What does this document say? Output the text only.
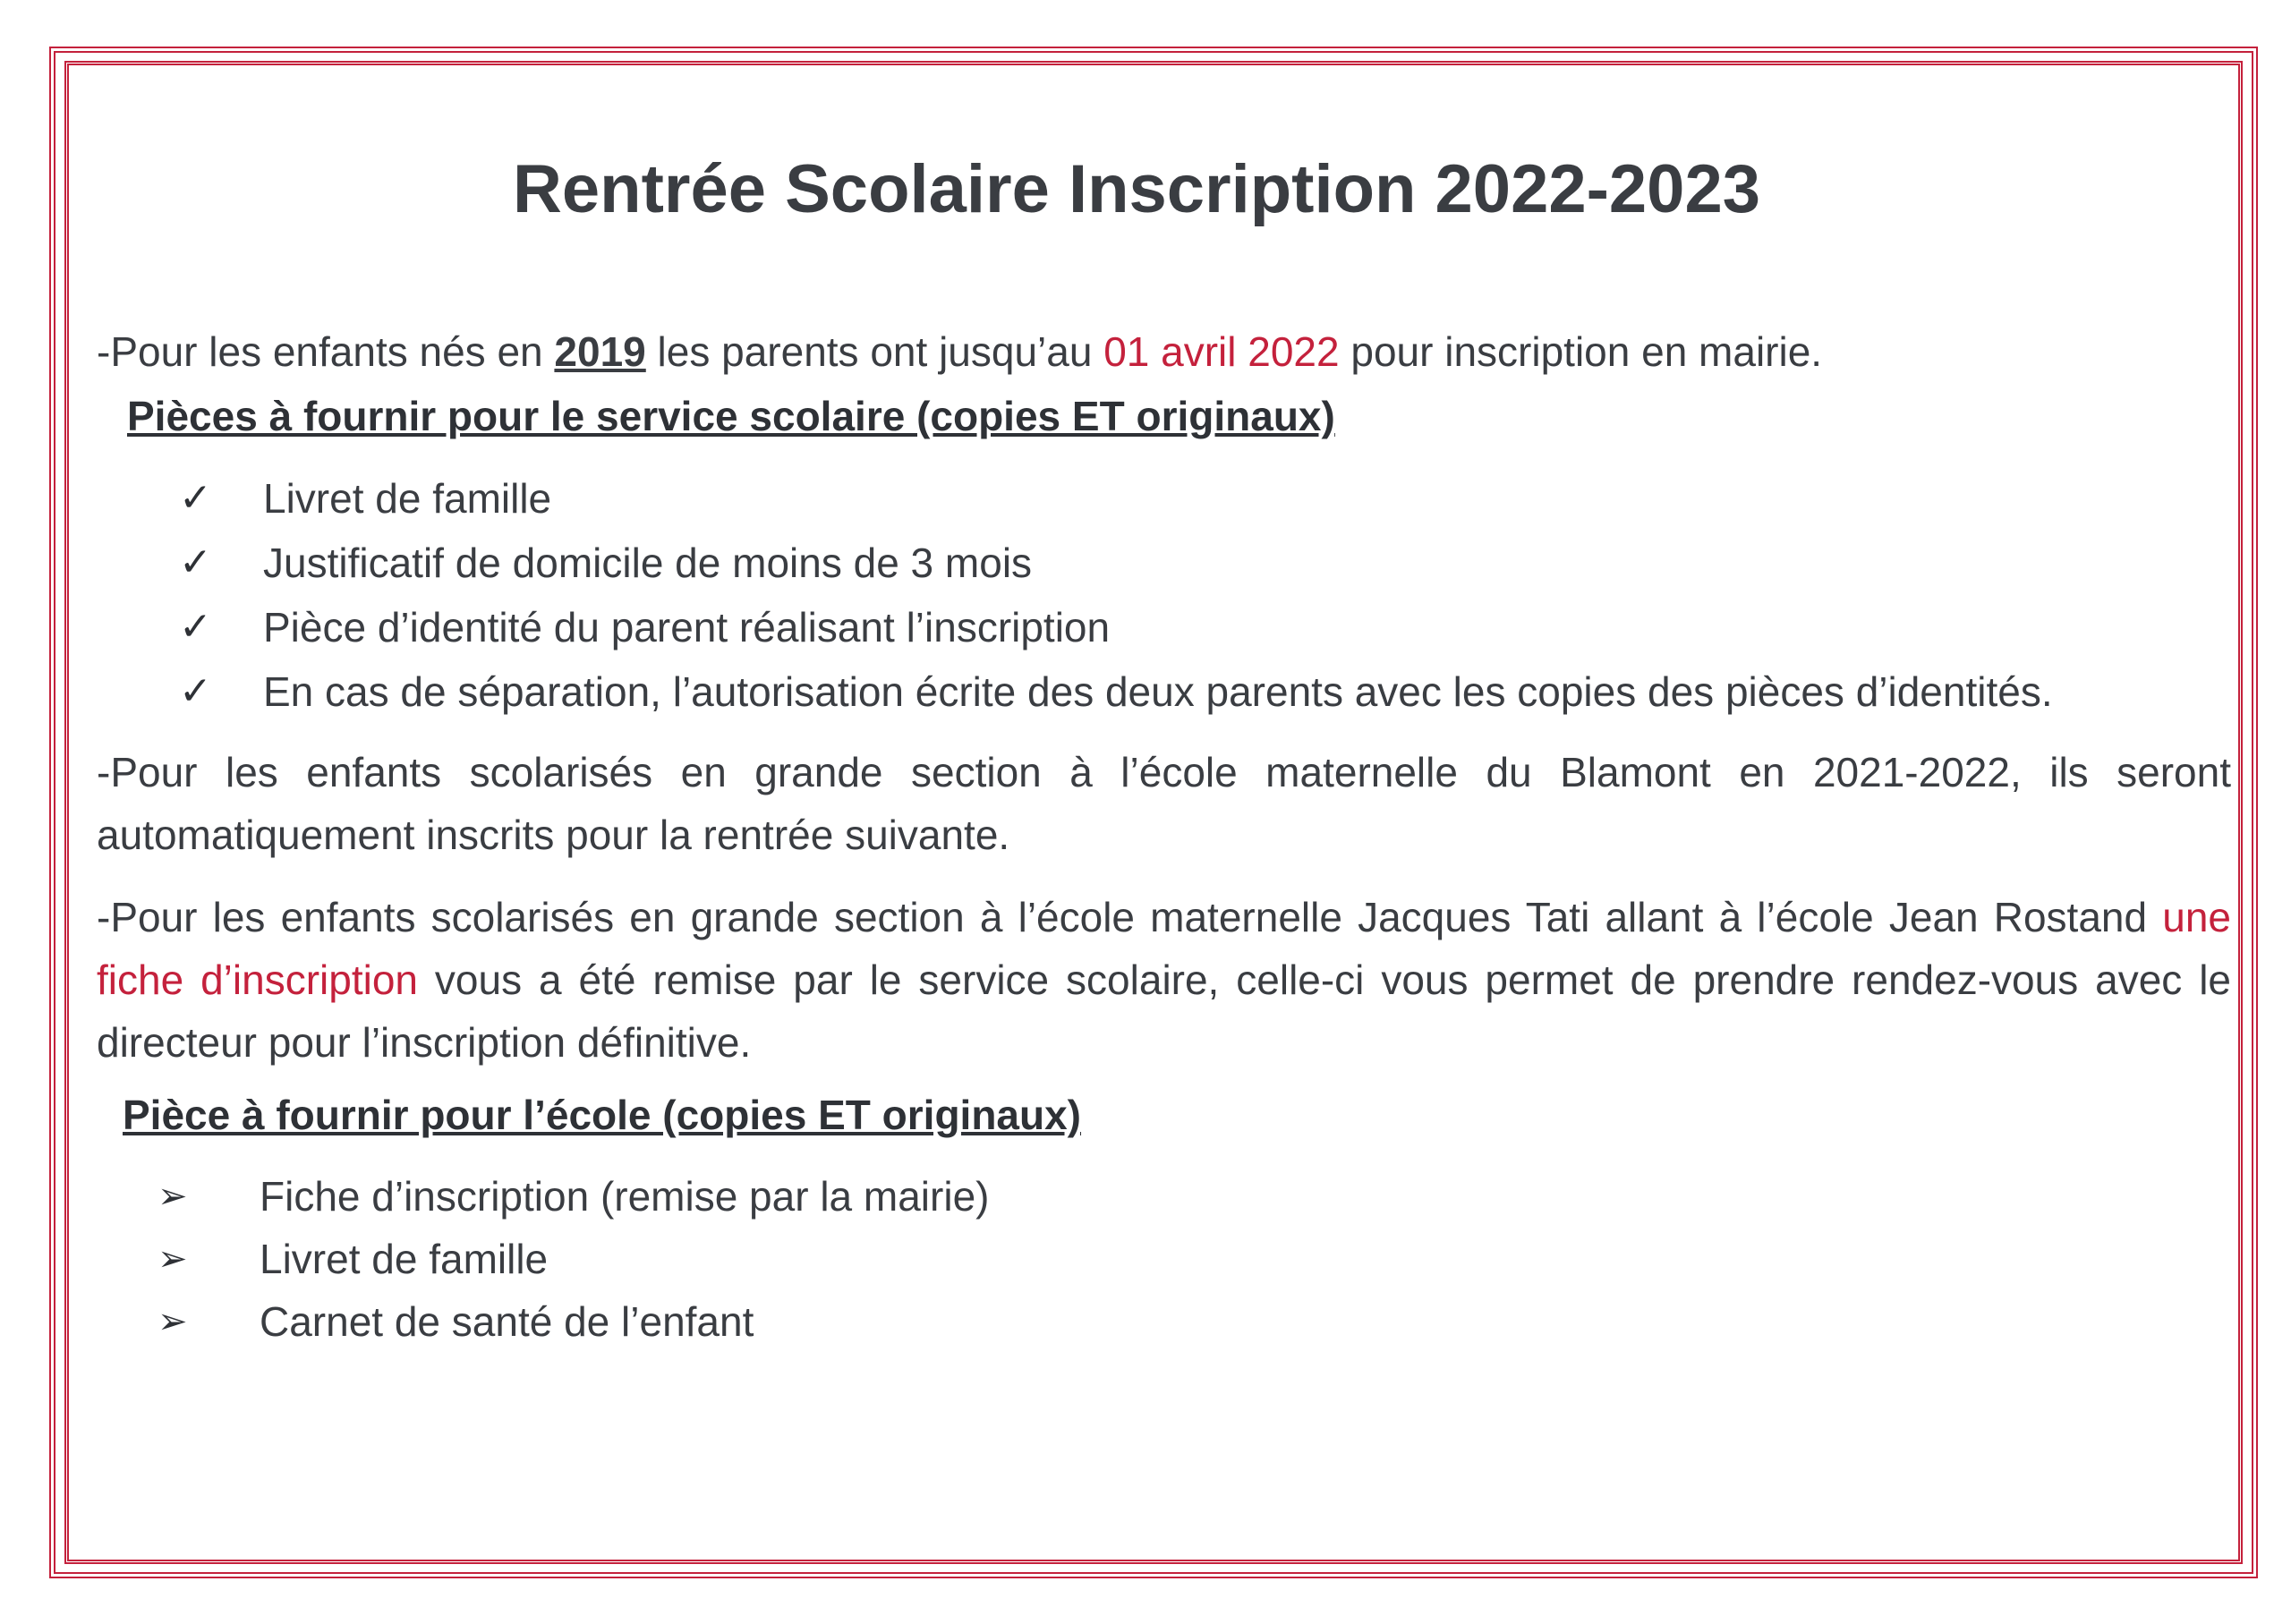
Rentrée Scolaire Inscription 2022-2023
-Pour les enfants nés en 2019 les parents ont jusqu’au 01 avril 2022 pour inscription en mairie.
Pièces à fournir pour le service scolaire (copies ET originaux)
✓	Livret de famille
✓	Justificatif de domicile de moins de 3 mois
✓	Pièce d’identité du parent réalisant l’inscription
✓	En cas de séparation, l’autorisation écrite des deux parents avec les copies des pièces d’identités.
-Pour les enfants scolarisés en grande section à l’école maternelle du Blamont en 2021-2022, ils seront automatiquement inscrits pour la rentrée suivante.
-Pour les enfants scolarisés en grande section à l’école maternelle Jacques Tati allant à l’école Jean Rostand une fiche d’inscription vous a été remise par le service scolaire, celle-ci vous permet de prendre rendez-vous avec le directeur pour l’inscription définitive.
Pièce à fournir pour l’école (copies ET originaux)
➢	Fiche d’inscription (remise par la mairie)
➢	Livret de famille
➢	Carnet de santé de l’enfant
